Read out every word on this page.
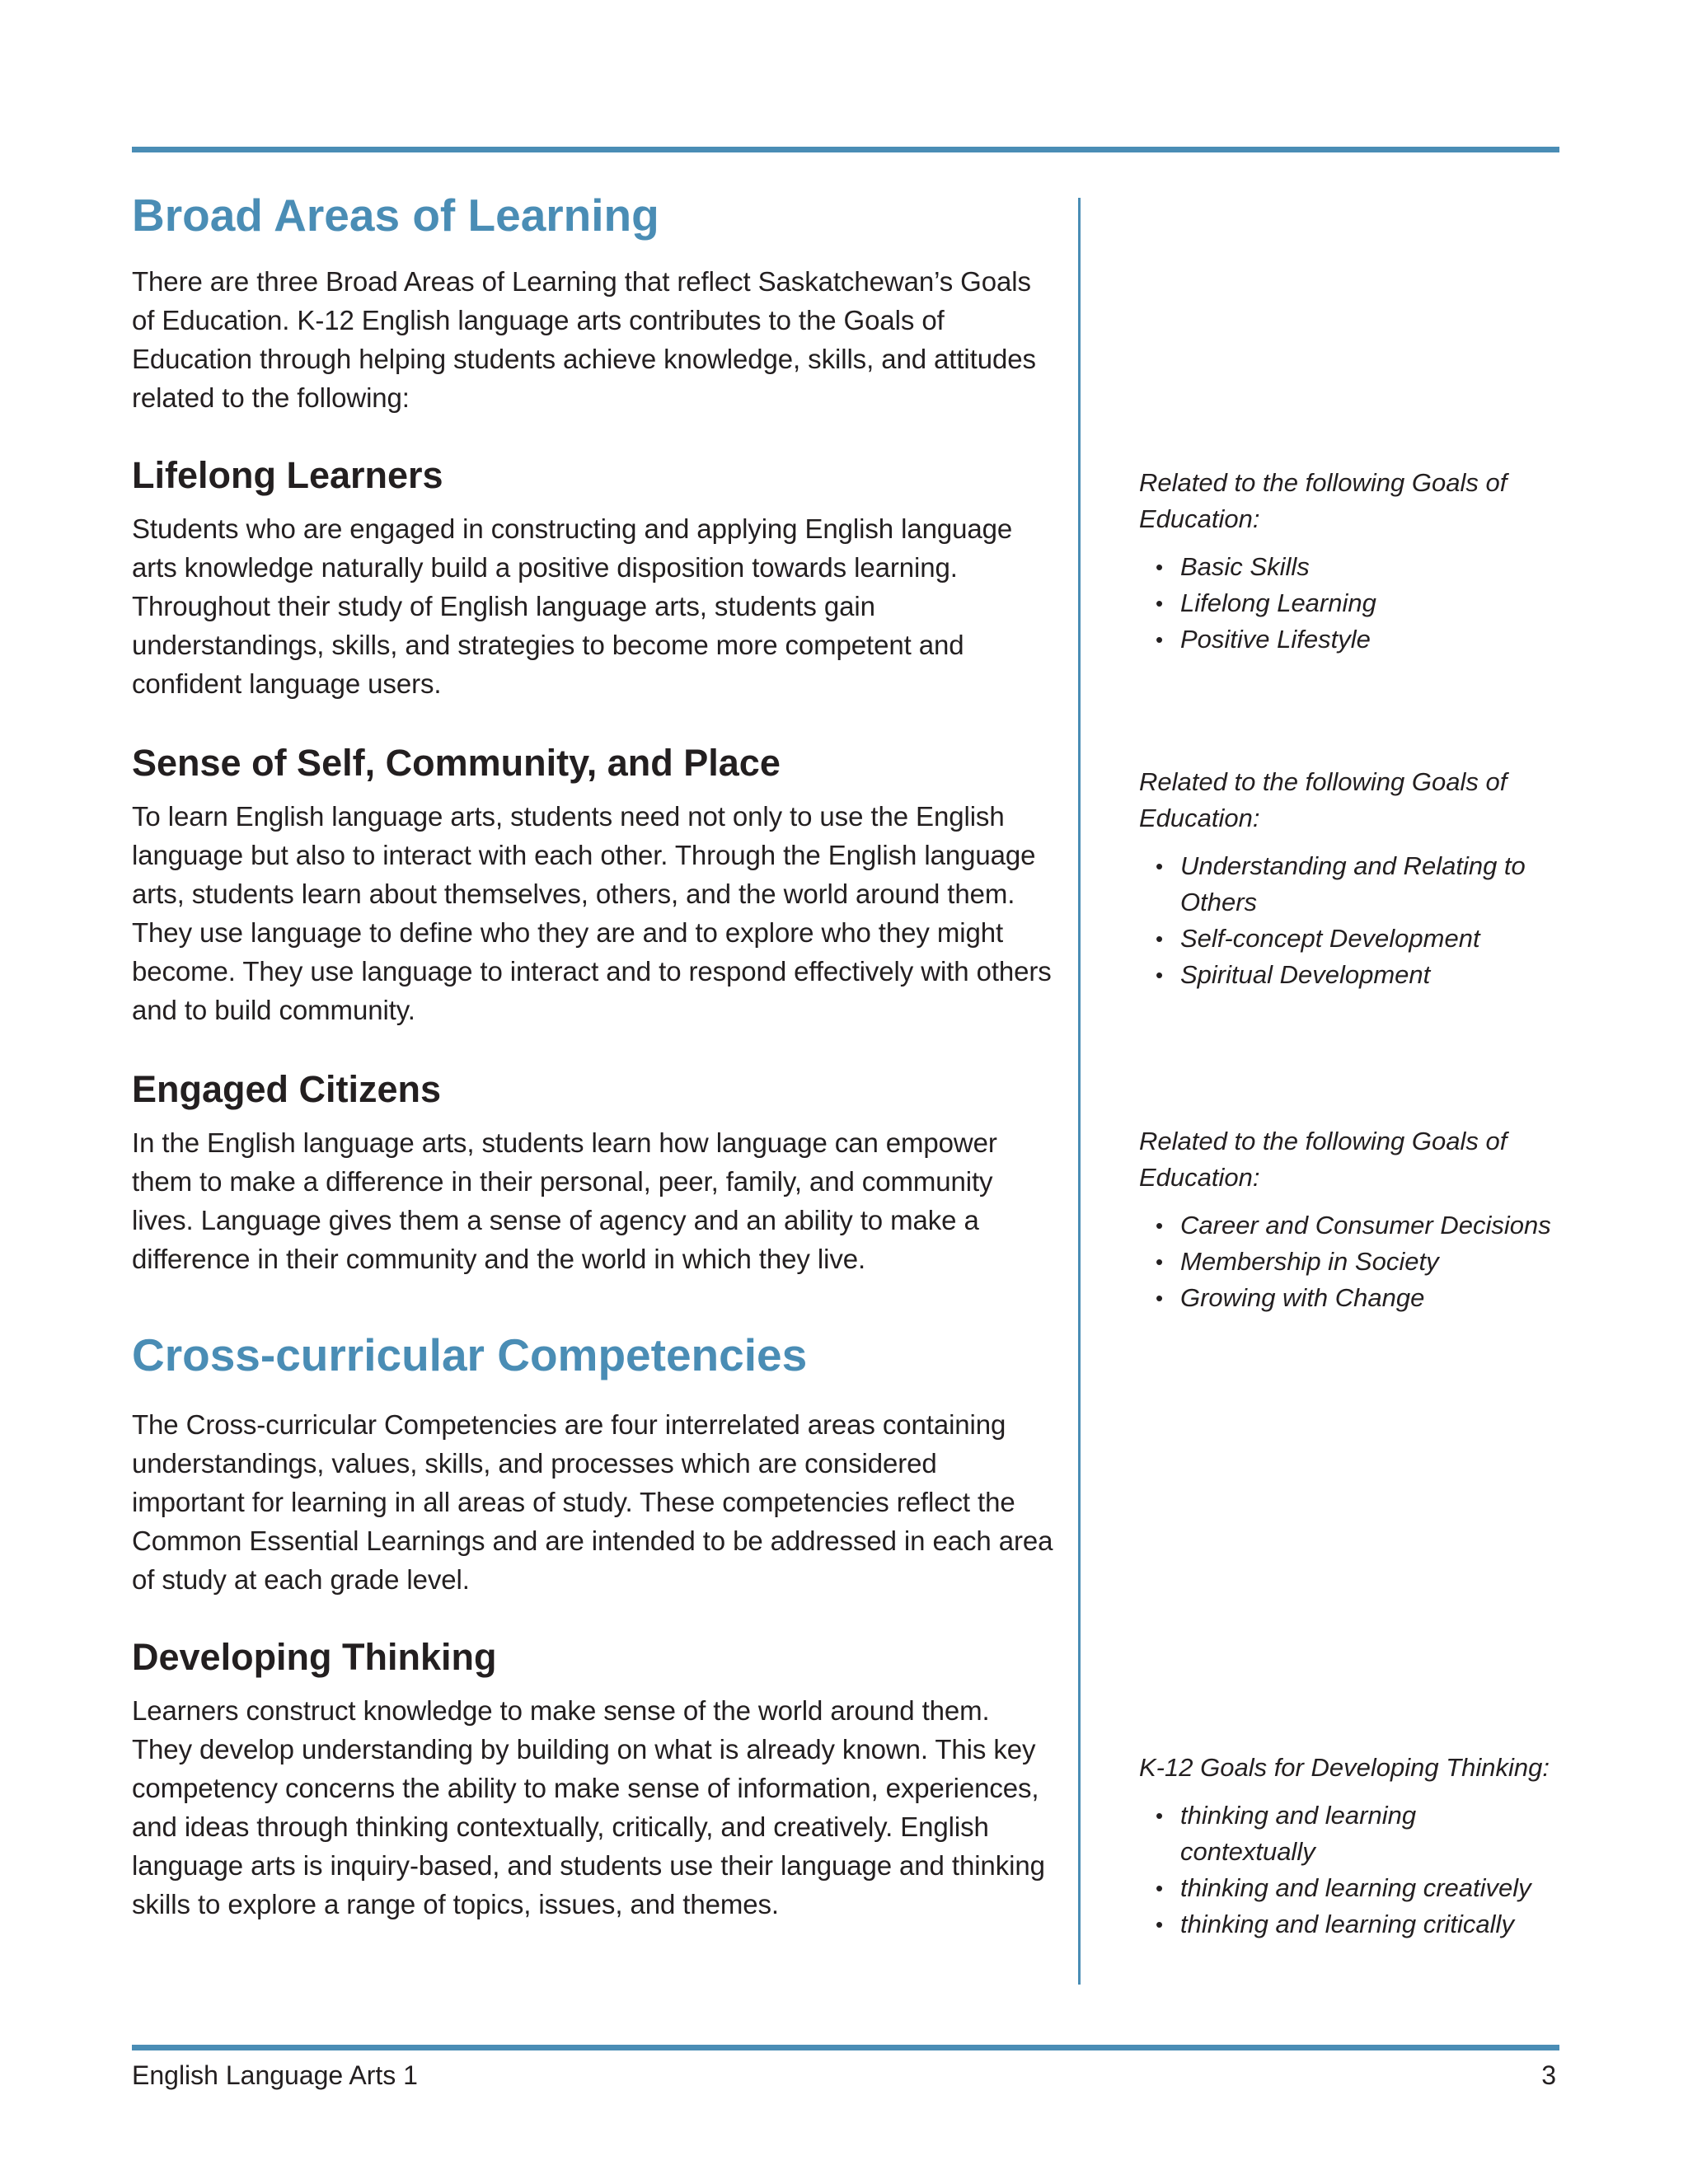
Broad Areas of Learning

There are three Broad Areas of Learning that reflect Saskatchewan’s Goals of Education. K-12 English language arts contributes to the Goals of Education through helping students achieve knowledge, skills, and attitudes related to the following:

Lifelong Learners

Students who are engaged in constructing and applying English language arts knowledge naturally build a positive disposition towards learning. Throughout their study of English language arts, students gain understandings, skills, and strategies to become more competent and confident language users.

Sense of Self, Community, and Place

To learn English language arts, students need not only to use the English language but also to interact with each other. Through the English language arts, students learn about themselves, others, and the world around them. They use language to define who they are and to explore who they might become. They use language to interact and to respond effectively with others and to build community.

Engaged Citizens

In the English language arts, students learn how language can empower them to make a difference in their personal, peer, family, and community lives. Language gives them a sense of agency and an ability to make a difference in their community and the world in which they live.

Cross-curricular Competencies

The Cross-curricular Competencies are four interrelated areas containing understandings, values, skills, and processes which are considered important for learning in all areas of study. These competencies reflect the Common Essential Learnings and are intended to be addressed in each area of study at each grade level.

Developing Thinking

Learners construct knowledge to make sense of the world around them. They develop understanding by building on what is already known. This key competency concerns the ability to make sense of information, experiences, and ideas through thinking contextually, critically, and creatively. English language arts is inquiry-based, and students use their language and thinking skills to explore a range of topics, issues, and themes.

Related to the following Goals of Education:

• Basic Skills
• Lifelong Learning
• Positive Lifestyle

Related to the following Goals of Education:

• Understanding and Relating to Others
• Self-concept Development
• Spiritual Development

Related to the following Goals of Education:

• Career and Consumer Decisions
• Membership in Society
• Growing with Change

K-12 Goals for Developing Thinking:

• thinking and learning contextually
• thinking and learning creatively
• thinking and learning critically
English Language Arts 1	3
